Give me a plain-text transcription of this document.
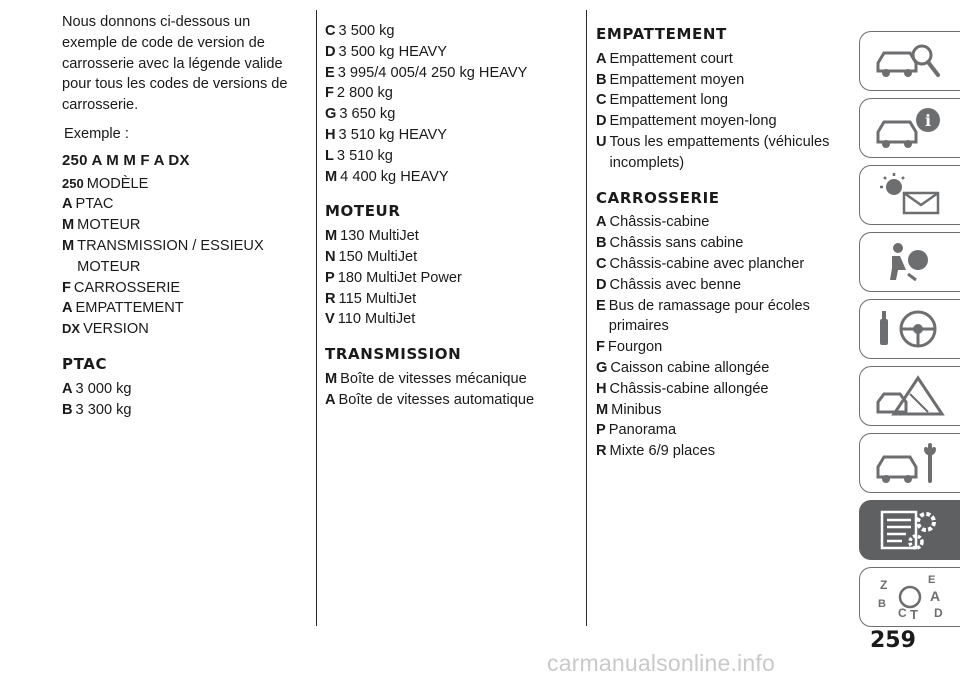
Nous donnons ci-dessous un exemple de code de version de carrosserie avec la légende valide pour tous les codes de versions de carrosserie.

Exemple :
250 A M M F A DX
250 MODÈLE
A PTAC
M MOTEUR
M TRANSMISSION / ESSIEUX MOTEUR
F CARROSSERIE
A EMPATTEMENT
DX VERSION
PTAC
A 3 000 kg
B 3 300 kg
C 3 500 kg
D 3 500 kg HEAVY
E 3 995/4 005/4 250 kg HEAVY
F 2 800 kg
G 3 650 kg
H 3 510 kg HEAVY
L 3 510 kg
M 4 400 kg HEAVY
MOTEUR
M 130 MultiJet
N 150 MultiJet
P 180 MultiJet Power
R 115 MultiJet
V 110 MultiJet
TRANSMISSION
M Boîte de vitesses mécanique
A Boîte de vitesses automatique
EMPATTEMENT
A Empattement court
B Empattement moyen
C Empattement long
D Empattement moyen-long
U Tous les empattements (véhicules incomplets)
CARROSSERIE
A Châssis-cabine
B Châssis sans cabine
C Châssis-cabine avec plancher
D Châssis avec benne
E Bus de ramassage pour écoles primaires
F Fourgon
G Caisson cabine allongée
H Châssis-cabine allongée
M Minibus
P Panorama
R Mixte 6/9 places
i
Z	E
B	A
C T D
259
carmanualsonline.info
